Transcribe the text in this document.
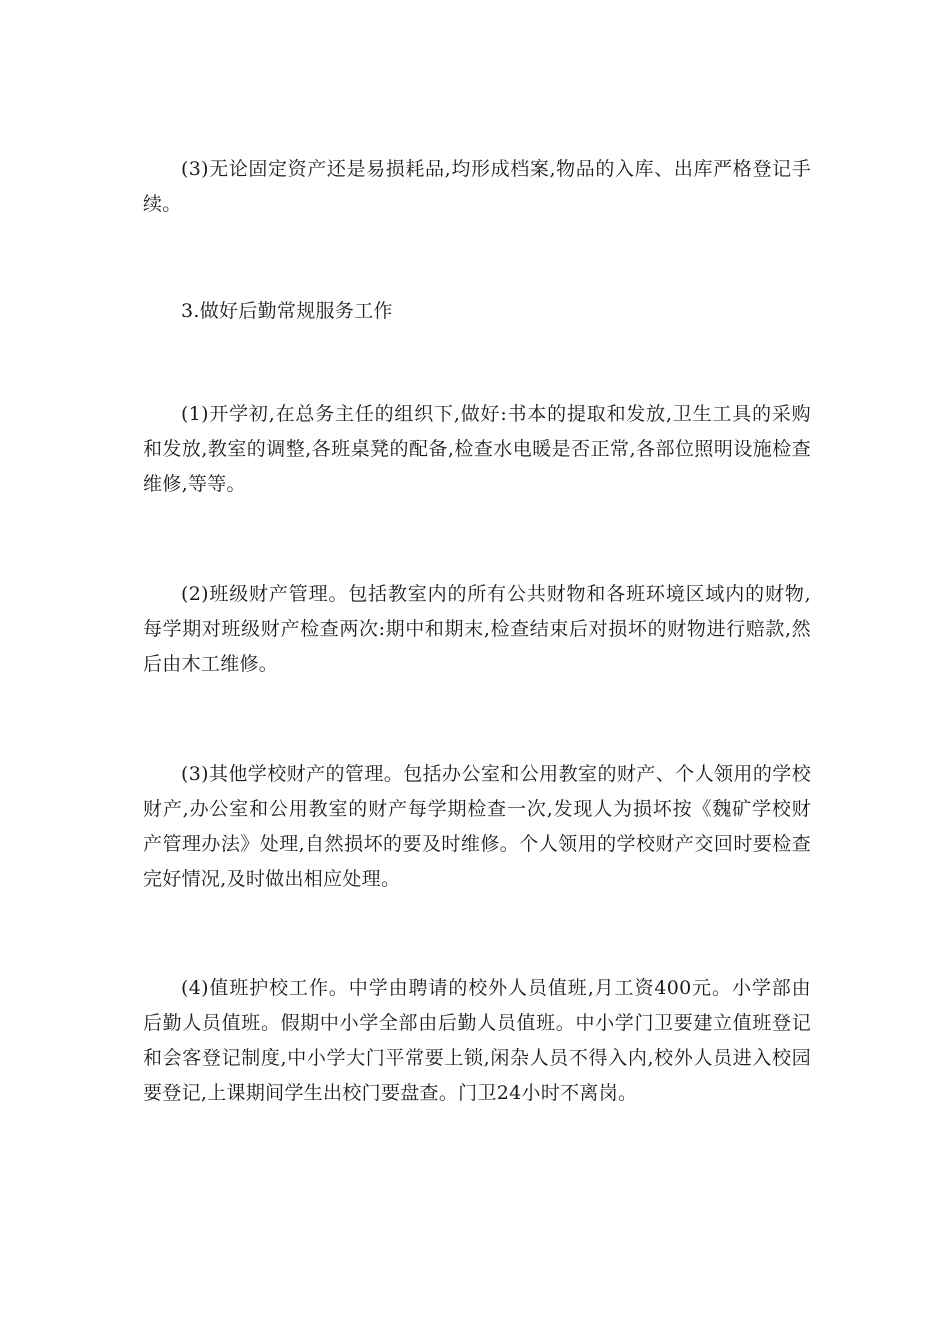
(3)无论固定资产还是易损耗品,均形成档案,物品的入库、出库严格登记手续。

3.做好后勤常规服务工作

(1)开学初,在总务主任的组织下,做好:书本的提取和发放,卫生工具的采购和发放,教室的调整,各班桌凳的配备,检查水电暖是否正常,各部位照明设施检查维修,等等。

(2)班级财产管理。包括教室内的所有公共财物和各班环境区域内的财物,每学期对班级财产检查两次:期中和期末,检查结束后对损坏的财物进行赔款,然后由木工维修。

(3)其他学校财产的管理。包括办公室和公用教室的财产、个人领用的学校财产,办公室和公用教室的财产每学期检查一次,发现人为损坏按《魏矿学校财产管理办法》处理,自然损坏的要及时维修。个人领用的学校财产交回时要检查完好情况,及时做出相应处理。

(4)值班护校工作。中学由聘请的校外人员值班,月工资400元。小学部由后勤人员值班。假期中小学全部由后勤人员值班。中小学门卫要建立值班登记和会客登记制度,中小学大门平常要上锁,闲杂人员不得入内,校外人员进入校园要登记,上课期间学生出校门要盘查。门卫24小时不离岗。
